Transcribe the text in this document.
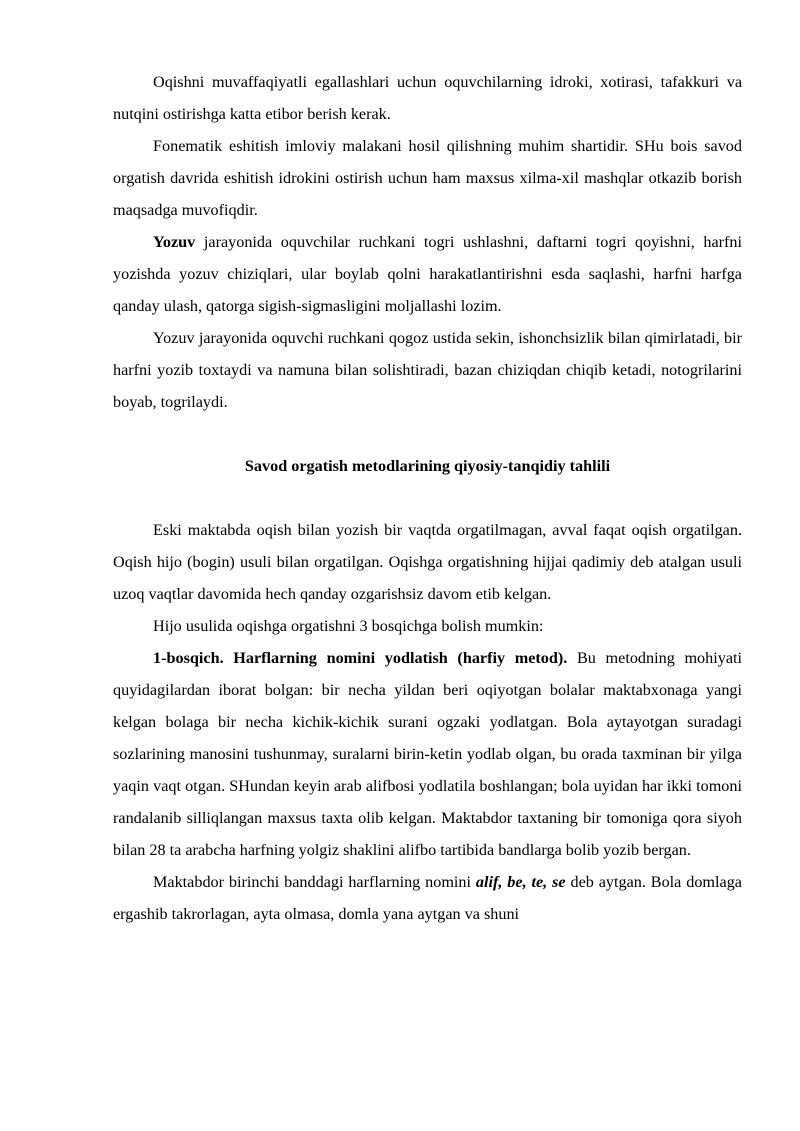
Oqishni muvaffaqiyatli egallashlari uchun oquvchilarning idroki, xotirasi, tafakkuri va nutqini ostirishga katta etibor berish kerak.

Fonematik eshitish imloviy malakani hosil qilishning muhim shartidir. SHu bois savod orgatish davrida eshitish idrokini ostirish uchun ham maxsus xilma-xil mashqlar otkazib borish maqsadga muvofiqdir.

Yozuv jarayonida oquvchilar ruchkani togri ushlashni, daftarni togri qoyishni, harfni yozishda yozuv chiziqlari, ular boylab qolni harakatlantirishni esda saqlashi, harfni harfga qanday ulash, qatorga sigish-sigmasligini moljallashi lozim.

Yozuv jarayonida oquvchi ruchkani qogoz ustida sekin, ishonchsizlik bilan qimirlatadi, bir harfni yozib toxtaydi va namuna bilan solishtiradi, bazan chiziqdan chiqib ketadi, notogrilarini boyab, togrilaydi.

Savod orgatish metodlarining qiyosiy-tanqidiy tahlili

Eski maktabda oqish bilan yozish bir vaqtda orgatilmagan, avval faqat oqish orgatilgan. Oqish hijo (bogin) usuli bilan orgatilgan. Oqishga orgatishning hijjai qadimiy deb atalgan usuli uzoq vaqtlar davomida hech qanday ozgarishsiz davom etib kelgan.

Hijo usulida oqishga orgatishni 3 bosqichga bolish mumkin:

1-bosqich. Harflarning nomini yodlatish (harfiy metod). Bu metodning mohiyati quyidagilardan iborat bolgan: bir necha yildan beri oqiyotgan bolalar maktabxonaga yangi kelgan bolaga bir necha kichik-kichik surani ogzaki yodlatgan. Bola aytayotgan suradagi sozlarining manosini tushunmay, suralarni birin-ketin yodlab olgan, bu orada taxminan bir yilga yaqin vaqt otgan. SHundan keyin arab alifbosi yodlatila boshlangan; bola uyidan har ikki tomoni randalanib silliqlangan maxsus taxta olib kelgan. Maktabdor taxtaning bir tomoniga qora siyoh bilan 28 ta arabcha harfning yolgiz shaklini alifbo tartibida bandlarga bolib yozib bergan.

Maktabdor birinchi banddagi harflarning nomini alif, be, te, se deb aytgan. Bola domlaga ergashib takrorlagan, ayta olmasa, domla yana aytgan va shuni
